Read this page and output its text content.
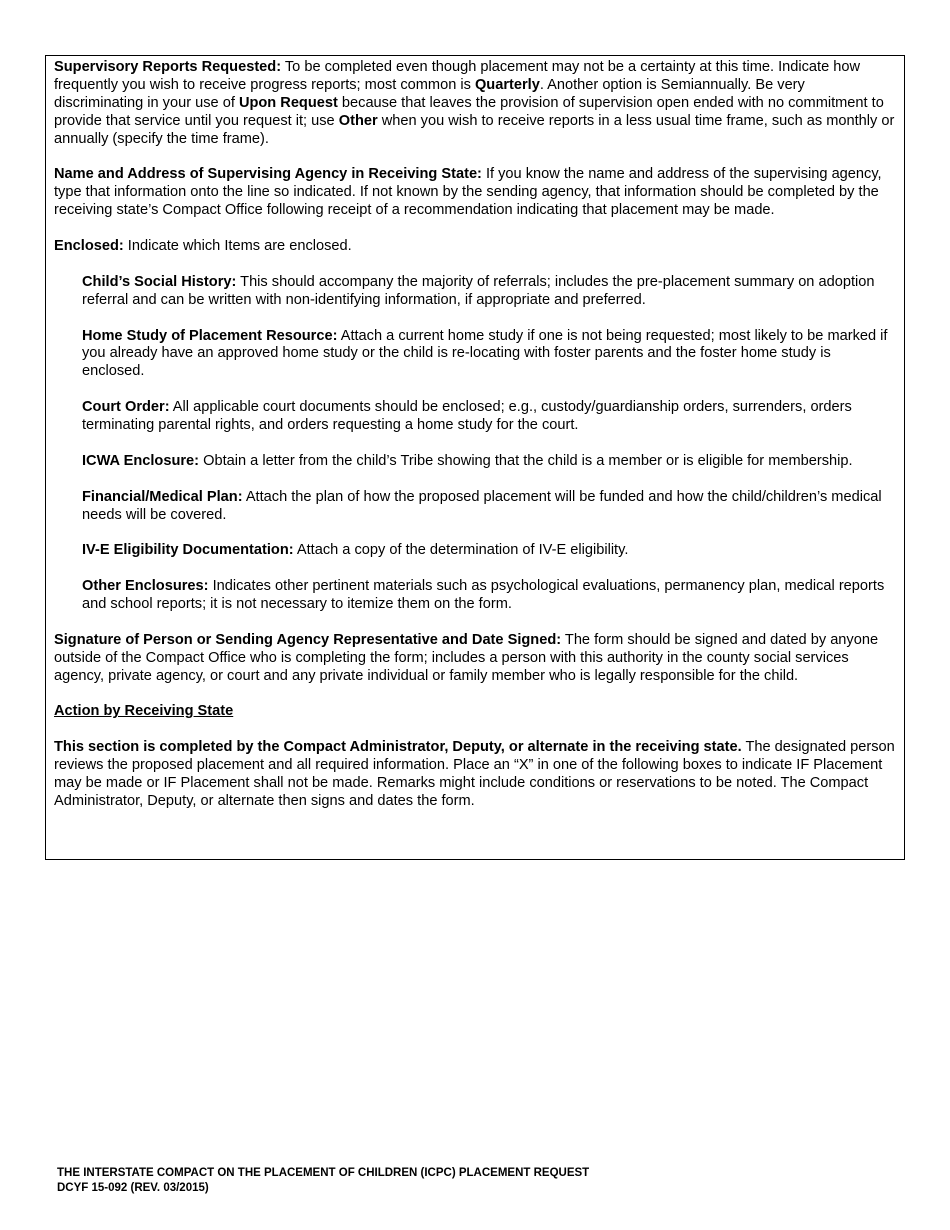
Supervisory Reports Requested: To be completed even though placement may not be a certainty at this time. Indicate how frequently you wish to receive progress reports; most common is Quarterly. Another option is Semiannually. Be very discriminating in your use of Upon Request because that leaves the provision of supervision open ended with no commitment to provide that service until you request it; use Other when you wish to receive reports in a less usual time frame, such as monthly or annually (specify the time frame).

Name and Address of Supervising Agency in Receiving State: If you know the name and address of the supervising agency, type that information onto the line so indicated. If not known by the sending agency, that information should be completed by the receiving state’s Compact Office following receipt of a recommendation indicating that placement may be made.

Enclosed: Indicate which Items are enclosed.

Child’s Social History: This should accompany the majority of referrals; includes the pre-placement summary on adoption referral and can be written with non-identifying information, if appropriate and preferred.

Home Study of Placement Resource: Attach a current home study if one is not being requested; most likely to be marked if you already have an approved home study or the child is re-locating with foster parents and the foster home study is enclosed.

Court Order: All applicable court documents should be enclosed; e.g., custody/guardianship orders, surrenders, orders terminating parental rights, and orders requesting a home study for the court.

ICWA Enclosure: Obtain a letter from the child’s Tribe showing that the child is a member or is eligible for membership.

Financial/Medical Plan: Attach the plan of how the proposed placement will be funded and how the child/children’s medical needs will be covered.

IV-E Eligibility Documentation: Attach a copy of the determination of IV-E eligibility.

Other Enclosures: Indicates other pertinent materials such as psychological evaluations, permanency plan, medical reports and school reports; it is not necessary to itemize them on the form.

Signature of Person or Sending Agency Representative and Date Signed: The form should be signed and dated by anyone outside of the Compact Office who is completing the form; includes a person with this authority in the county social services agency, private agency, or court and any private individual or family member who is legally responsible for the child.

Action by Receiving State

This section is completed by the Compact Administrator, Deputy, or alternate in the receiving state. The designated person reviews the proposed placement and all required information. Place an “X” in one of the following boxes to indicate IF Placement may be made or IF Placement shall not be made. Remarks might include conditions or reservations to be noted. The Compact Administrator, Deputy, or alternate then signs and dates the form.

THE INTERSTATE COMPACT ON THE PLACEMENT OF CHILDREN (ICPC) PLACEMENT REQUEST
DCYF 15-092 (REV. 03/2015)
